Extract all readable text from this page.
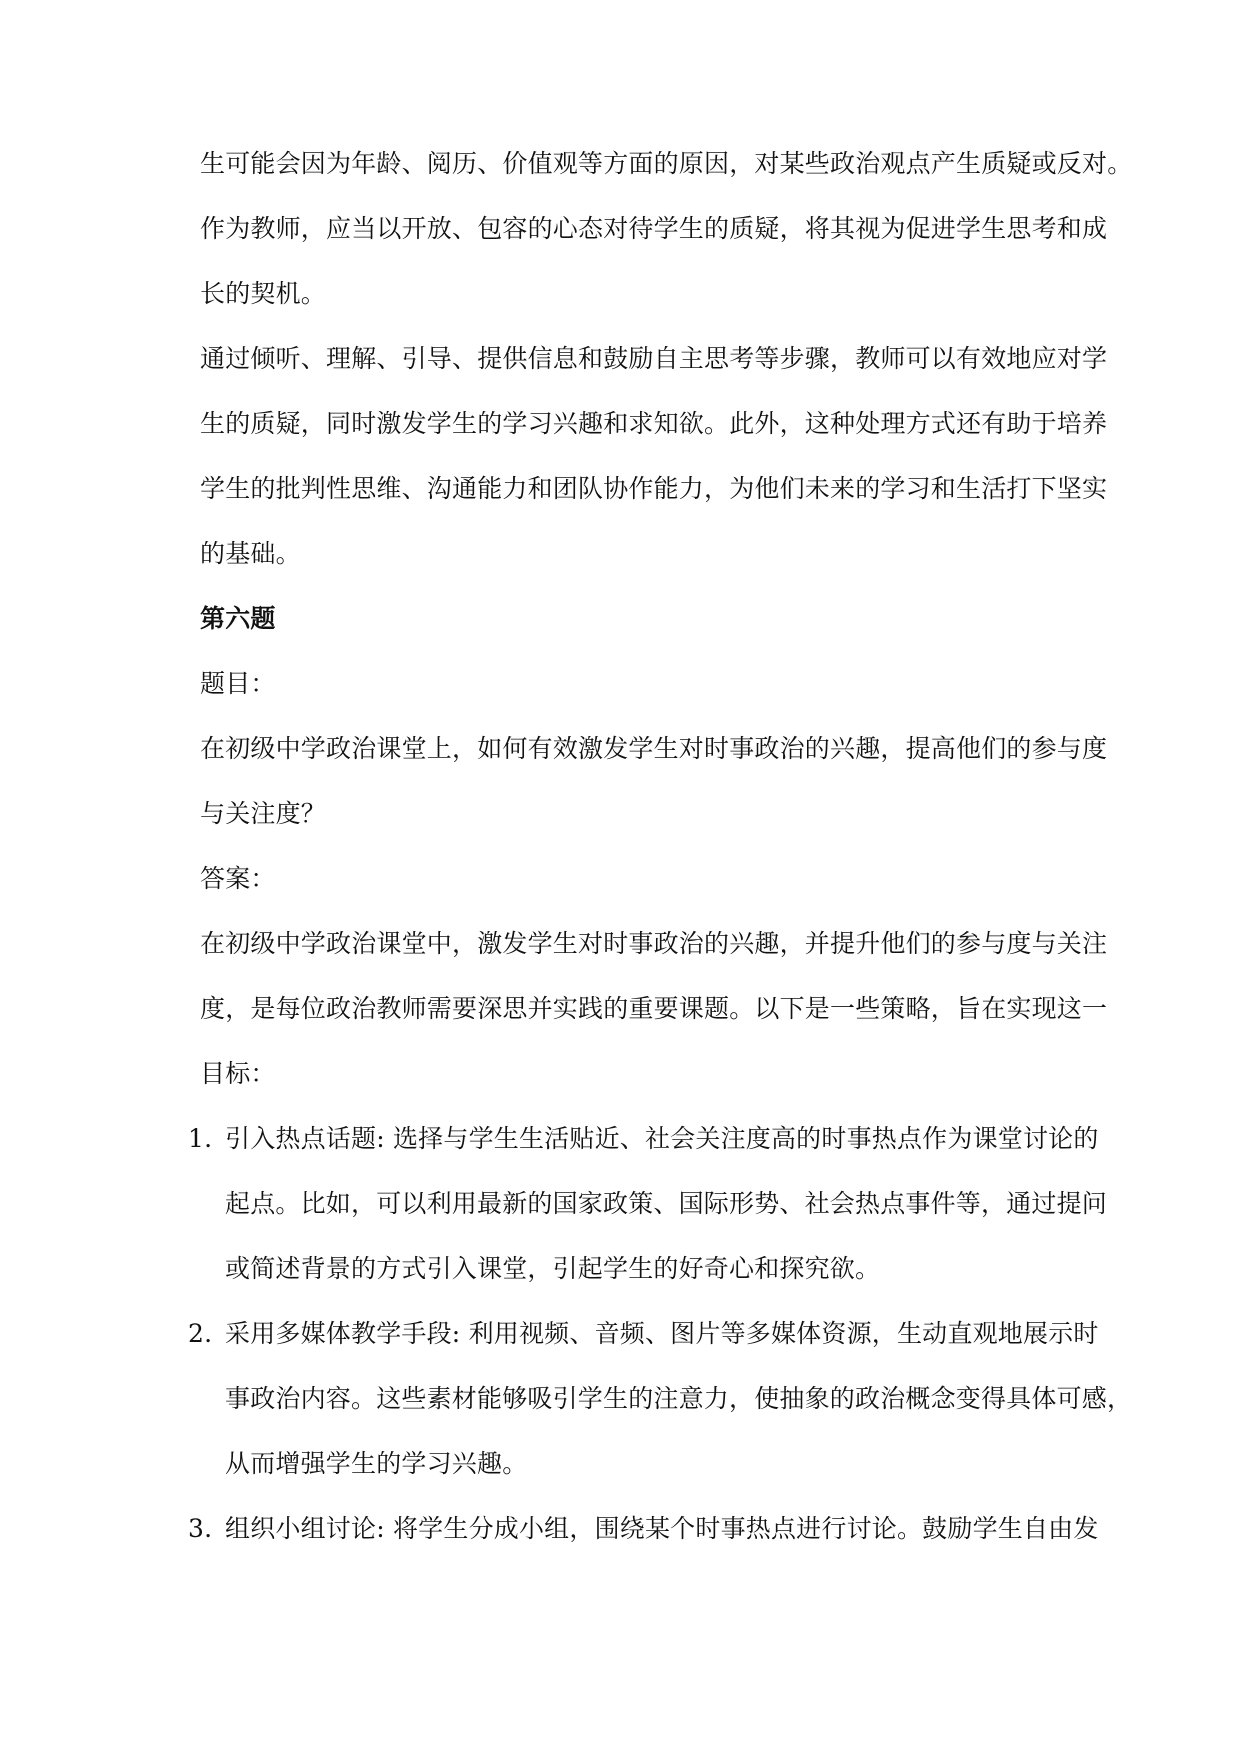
生可能会因为年龄、阅历、价值观等方面的原因，对某些政治观点产生质疑或反对。
作为教师，应当以开放、包容的心态对待学生的质疑，将其视为促进学生思考和成
长的契机。
通过倾听、理解、引导、提供信息和鼓励自主思考等步骤，教师可以有效地应对学
生的质疑，同时激发学生的学习兴趣和求知欲。此外，这种处理方式还有助于培养
学生的批判性思维、沟通能力和团队协作能力，为他们未来的学习和生活打下坚实
的基础。
第六题
题目：
在初级中学政治课堂上，如何有效激发学生对时事政治的兴趣，提高他们的参与度
与关注度？
答案：
在初级中学政治课堂中，激发学生对时事政治的兴趣，并提升他们的参与度与关注
度，是每位政治教师需要深思并实践的重要课题。以下是一些策略，旨在实现这一
目标：
1. 引入热点话题: 选择与学生生活贴近、社会关注度高的时事热点作为课堂讨论的
起点。比如，可以利用最新的国家政策、国际形势、社会热点事件等，通过提问
或简述背景的方式引入课堂，引起学生的好奇心和探究欲。
2. 采用多媒体教学手段: 利用视频、音频、图片等多媒体资源，生动直观地展示时
事政治内容。这些素材能够吸引学生的注意力，使抽象的政治概念变得具体可感，
从而增强学生的学习兴趣。
3. 组织小组讨论: 将学生分成小组，围绕某个时事热点进行讨论。鼓励学生自由发
